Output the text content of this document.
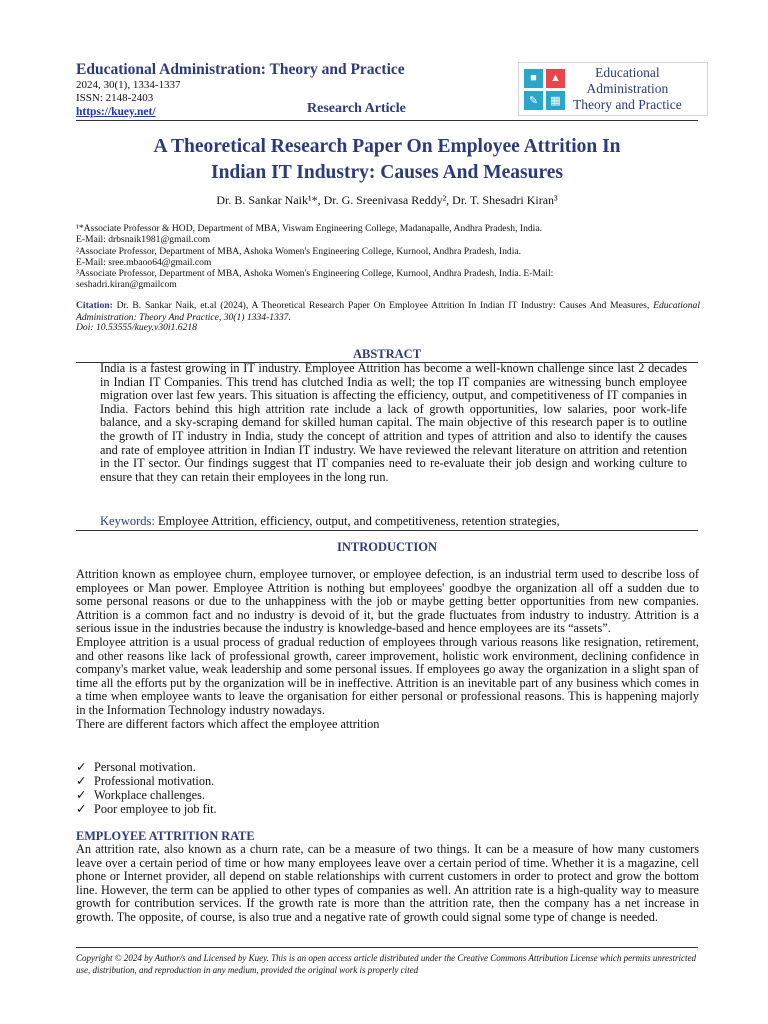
Educational Administration: Theory and Practice
2024, 30(1), 1334-1337
ISSN: 2148-2403
https://kuey.net/	Research Article
■	▲
✎	▦
Educational
Administration
Theory and Practice
A Theoretical Research Paper On Employee Attrition In
Indian IT Industry: Causes And Measures
Dr. B. Sankar Naik¹*, Dr. G. Sreenivasa Reddy², Dr. T. Shesadri Kiran³
¹*Associate Professor & HOD, Department of MBA, Viswam Engineering College, Madanapalle, Andhra Pradesh, India.
E-Mail: drbsnaik1981@gmail.com
²Associate Professor, Department of MBA, Ashoka Women's Engineering College, Kurnool, Andhra Pradesh, India.
E-Mail: sree.mbaoo64@gmail.com
³Associate Professor, Department of MBA, Ashoka Women's Engineering College, Kurnool, Andhra Pradesh, India. E-Mail:
seshadri.kiran@gmailcom
Citation: Dr. B. Sankar Naik, et.al (2024), A Theoretical Research Paper On Employee Attrition In Indian IT Industry: Causes And Measures, Educational Administration: Theory And Practice, 30(1) 1334-1337.
Doi: 10.53555/kuey.v30i1.6218
ABSTRACT
India is a fastest growing in IT industry. Employee Attrition has become a well-known challenge since last 2 decades in Indian IT Companies. This trend has clutched India as well; the top IT companies are witnessing bunch employee migration over last few years. This situation is affecting the efficiency, output, and competitiveness of IT companies in India. Factors behind this high attrition rate include a lack of growth opportunities, low salaries, poor work-life balance, and a sky-scraping demand for skilled human capital. The main objective of this research paper is to outline the growth of IT industry in India, study the concept of attrition and types of attrition and also to identify the causes and rate of employee attrition in Indian IT industry. We have reviewed the relevant literature on attrition and retention in the IT sector. Our findings suggest that IT companies need to re-evaluate their job design and working culture to ensure that they can retain their employees in the long run.
Keywords: Employee Attrition, efficiency, output, and competitiveness, retention strategies,
INTRODUCTION

Attrition known as employee churn, employee turnover, or employee defection, is an industrial term used to describe loss of employees or Man power. Employee Attrition is nothing but employees' goodbye the organization all off a sudden due to some personal reasons or due to the unhappiness with the job or maybe getting better opportunities from new companies. Attrition is a common fact and no industry is devoid of it, but the grade fluctuates from industry to industry. Attrition is a serious issue in the industries because the industry is knowledge-based and hence employees are its “assets”.

Employee attrition is a usual process of gradual reduction of employees through various reasons like resignation, retirement, and other reasons like lack of professional growth, career improvement, holistic work environment, declining confidence in company's market value, weak leadership and some personal issues. If employees go away the organization in a slight span of time all the efforts put by the organization will be in ineffective. Attrition is an inevitable part of any business which comes in a time when employee wants to leave the organisation for either personal or professional reasons. This is happening majorly in the Information Technology industry nowadays.

There are different factors which affect the employee attrition

✓ Personal motivation.
✓ Professional motivation.
✓ Workplace challenges.
✓ Poor employee to job fit.
EMPLOYEE ATTRITION RATE
An attrition rate, also known as a churn rate, can be a measure of two things. It can be a measure of how many customers leave over a certain period of time or how many employees leave over a certain period of time. Whether it is a magazine, cell phone or Internet provider, all depend on stable relationships with current customers in order to protect and grow the bottom line. However, the term can be applied to other types of companies as well. An attrition rate is a high-quality way to measure growth for contribution services. If the growth rate is more than the attrition rate, then the company has a net increase in growth. The opposite, of course, is also true and a negative rate of growth could signal some type of change is needed.
Copyright © 2024 by Author/s and Licensed by Kuey. This is an open access article distributed under the Creative Commons Attribution License which permits unrestricted use, distribution, and reproduction in any medium, provided the original work is properly cited
